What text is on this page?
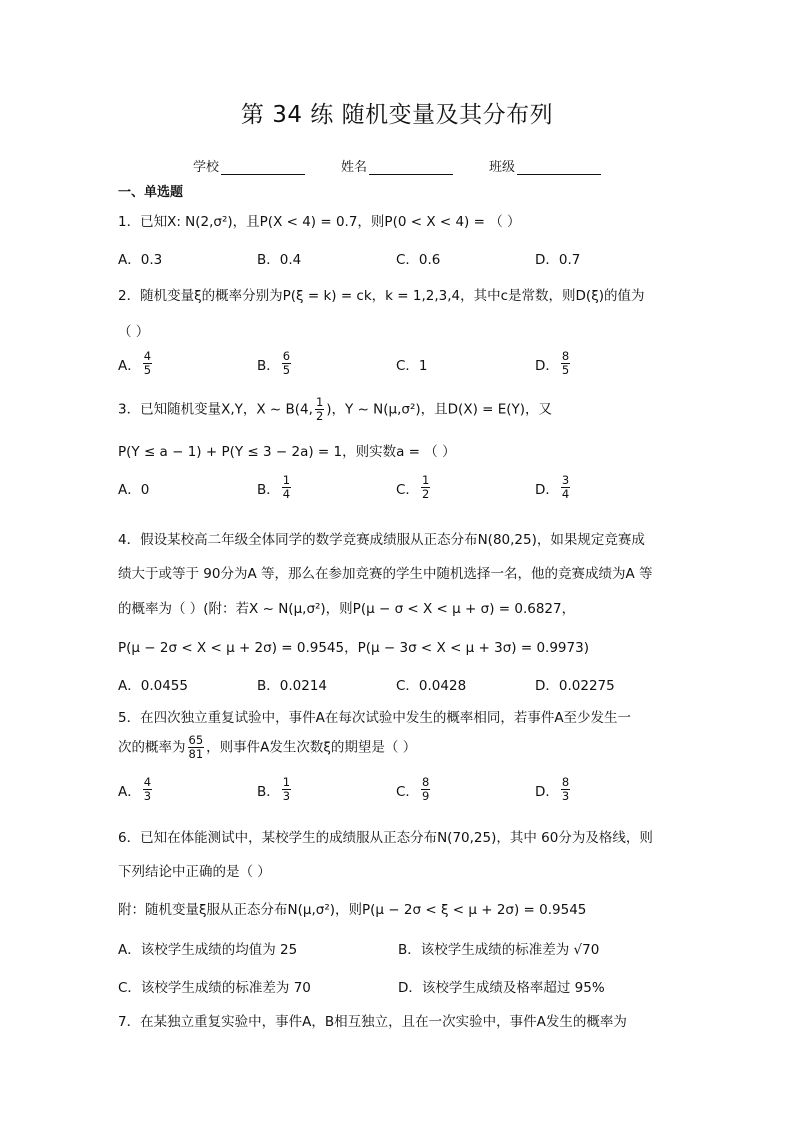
第 34 练 随机变量及其分布列
学校	姓名	班级
一、单选题
1．已知X: N(2,σ²)，且P(X < 4) = 0.7，则P(0 < X < 4) = （ ）
A．0.3	B．0.4	C．0.6	D．0.7
2．随机变量ξ的概率分别为P(ξ = k) = ck，k = 1,2,3,4，其中c是常数，则D(ξ)的值为
（ ）
A． $\frac{4}{5}$	B． $\frac{6}{5}$	C．1	D． $\frac{8}{5}$
3．已知随机变量X,Y，X ~ B(4, $\frac{1}{2}$ )，Y ~ N(μ,σ²)，且D(X) = E(Y)，又
P(Y ≤ a − 1) + P(Y ≤ 3 − 2a) = 1，则实数a = （ ）
A．0	B． $\frac{1}{4}$	C． $\frac{1}{2}$	D． $\frac{3}{4}$
4．假设某校高二年级全体同学的数学竞赛成绩服从正态分布N(80,25)，如果规定竞赛成
绩大于或等于 90分为A 等，那么在参加竞赛的学生中随机选择一名，他的竞赛成绩为A 等
的概率为（ ）(附：若X ~ N(μ,σ²)，则P(μ − σ < X < μ + σ) = 0.6827，
P(μ − 2σ < X < μ + 2σ) = 0.9545，P(μ − 3σ < X < μ + 3σ) = 0.9973)
A．0.0455	B．0.0214	C．0.0428	D．0.02275
5．在四次独立重复试验中，事件A在每次试验中发生的概率相同，若事件A至少发生一
次的概率为 $\frac{65}{81}$ ，则事件A发生次数ξ的期望是（ ）
A． $\frac{4}{3}$	B． $\frac{1}{3}$	C． $\frac{8}{9}$	D． $\frac{8}{3}$
6．已知在体能测试中，某校学生的成绩服从正态分布N(70,25)，其中 60分为及格线，则
下列结论中正确的是（ ）
附：随机变量ξ服从正态分布N(μ,σ²)，则P(μ − 2σ < ξ < μ + 2σ) = 0.9545
A．该校学生成绩的均值为 25	B．该校学生成绩的标准差为 √70
C．该校学生成绩的标准差为 70	D．该校学生成绩及格率超过 95%
7．在某独立重复实验中，事件A，B相互独立，且在一次实验中，事件A发生的概率为
